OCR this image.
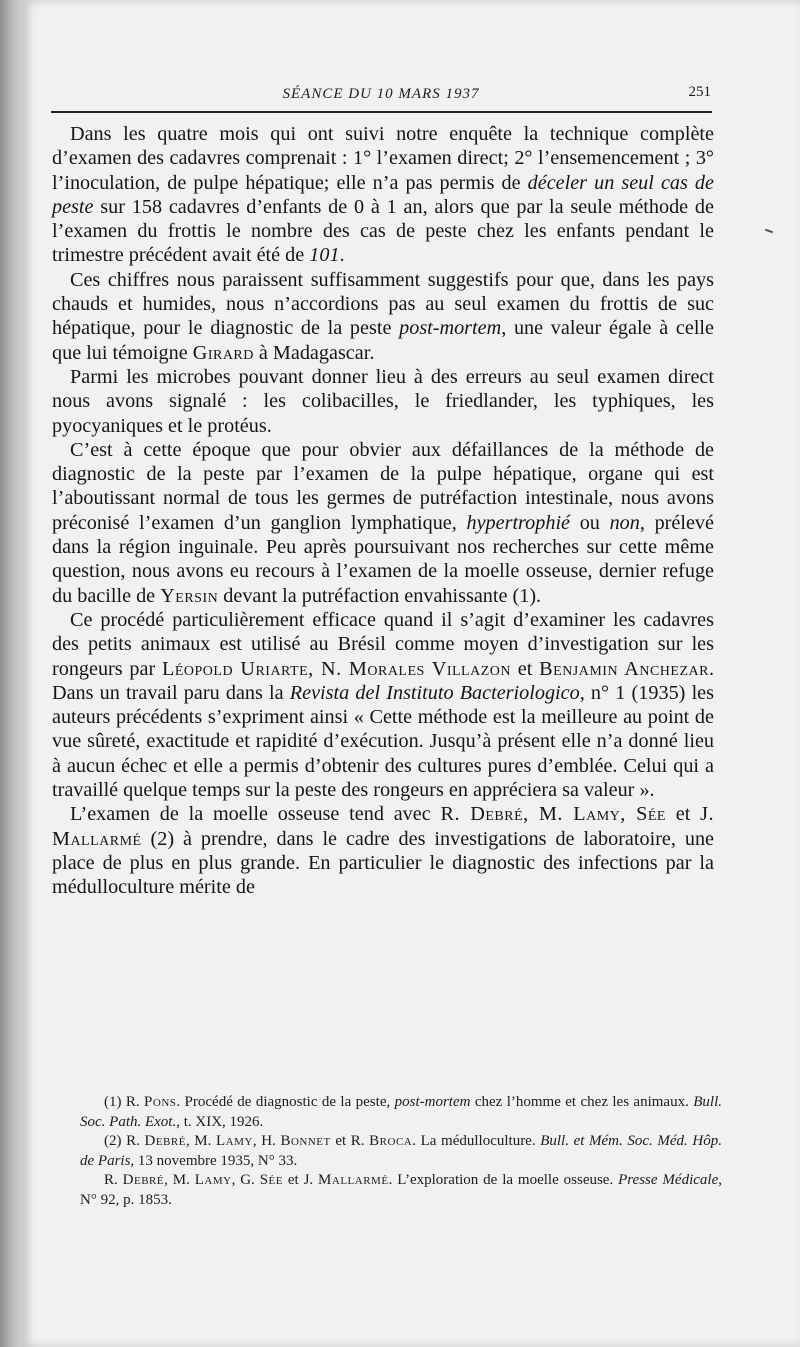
SÉANCE DU 10 MARS 1937	251

Dans les quatre mois qui ont suivi notre enquête la technique complète d’examen des cadavres comprenait : 1° l’examen direct; 2° l’ensemencement ; 3° l’inoculation, de pulpe hépatique; elle n’a pas permis de déceler un seul cas de peste sur 158 cadavres d’enfants de 0 à 1 an, alors que par la seule méthode de l’examen du frottis le nombre des cas de peste chez les enfants pendant le trimestre précédent avait été de 101.

Ces chiffres nous paraissent suffisamment suggestifs pour que, dans les pays chauds et humides, nous n’accordions pas au seul examen du frottis de suc hépatique, pour le diagnostic de la peste post-mortem, une valeur égale à celle que lui témoigne Girard à Madagascar.

Parmi les microbes pouvant donner lieu à des erreurs au seul examen direct nous avons signalé : les colibacilles, le friedlander, les typhiques, les pyocyaniques et le protéus.

C’est à cette époque que pour obvier aux défaillances de la méthode de diagnostic de la peste par l’examen de la pulpe hépatique, organe qui est l’aboutissant normal de tous les germes de putréfaction intestinale, nous avons préconisé l’examen d’un ganglion lymphatique, hypertrophié ou non, prélevé dans la région inguinale. Peu après poursuivant nos recherches sur cette même question, nous avons eu recours à l’examen de la moelle osseuse, dernier refuge du bacille de Yersin devant la putréfaction envahissante (1).

Ce procédé particulièrement efficace quand il s’agit d’examiner les cadavres des petits animaux est utilisé au Brésil comme moyen d’investigation sur les rongeurs par Léopold Uriarte, N. Morales Villazon et Benjamin Anchezar. Dans un travail paru dans la Revista del Instituto Bacteriologico, n° 1 (1935) les auteurs précédents s’expriment ainsi « Cette méthode est la meilleure au point de vue sûreté, exactitude et rapidité d’exécution. Jusqu’à présent elle n’a donné lieu à aucun échec et elle a permis d’obtenir des cultures pures d’emblée. Celui qui a travaillé quelque temps sur la peste des rongeurs en appréciera sa valeur ».

L’examen de la moelle osseuse tend avec R. Debré, M. Lamy, Sée et J. Mallarmé (2) à prendre, dans le cadre des investigations de laboratoire, une place de plus en plus grande. En particulier le diagnostic des infections par la médulloculture mérite de

(1) R. Pons. Procédé de diagnostic de la peste, post-mortem chez l’homme et chez les animaux. Bull. Soc. Path. Exot., t. XIX, 1926.

(2) R. Debré, M. Lamy, H. Bonnet et R. Broca. La médulloculture. Bull. et Mém. Soc. Méd. Hôp. de Paris, 13 novembre 1935, N° 33.

R. Debré, M. Lamy, G. Sée et J. Mallarmé. L’exploration de la moelle osseuse. Presse Médicale, N° 92, p. 1853.
